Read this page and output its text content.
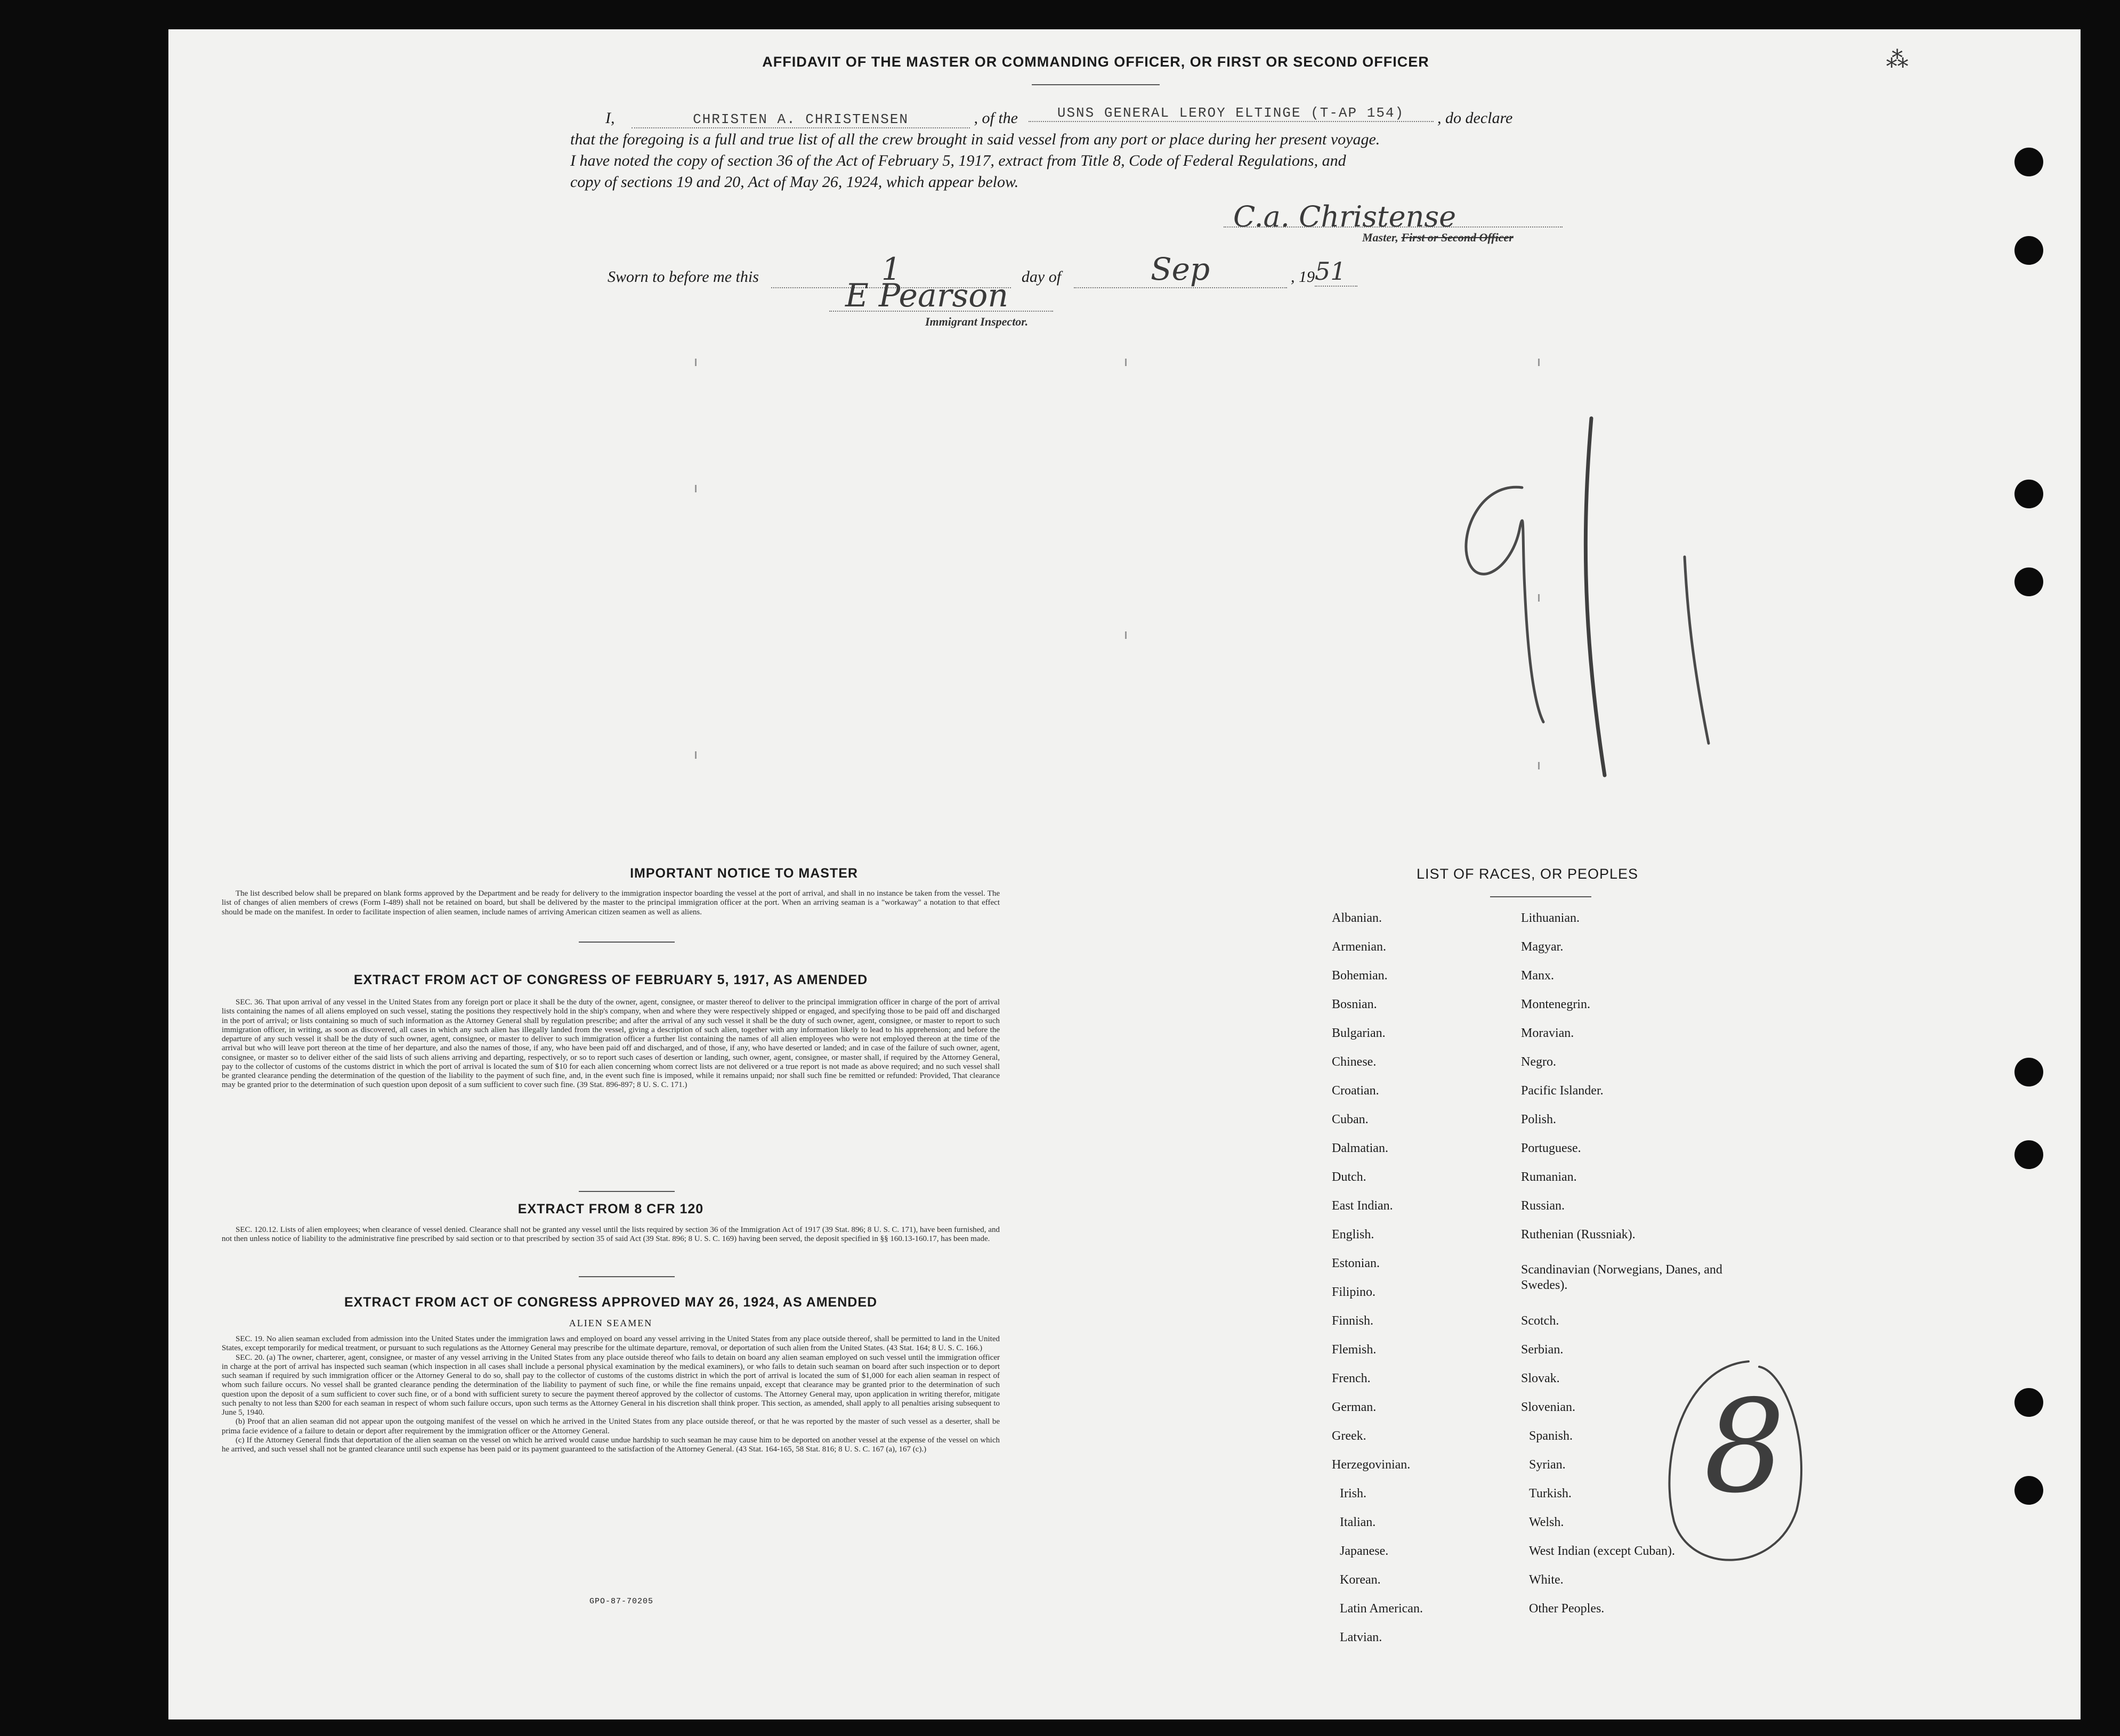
⁂
AFFIDAVIT OF THE MASTER OR COMMANDING OFFICER, OR FIRST OR SECOND OFFICER
I,	CHRISTEN A. CHRISTENSEN	, of the	USNS GENERAL LEROY ELTINGE (T-AP 154) , do declare
that the foregoing is a full and true list of all the crew brought in said vessel from any port or place during her present voyage.
I have noted the copy of section 36 of the Act of February 5, 1917, extract from Title 8, Code of Federal Regulations, and
copy of sections 19 and 20, Act of May 26, 1924, which appear below.
C.a. Christense
Master, First or Second Officer
Sworn to before me this	1	day of	Sep	, 1951
E Pearson
Immigrant Inspector.
IMPORTANT NOTICE TO MASTER

The list described below shall be prepared on blank forms approved by the Department and be ready for delivery to the immigration inspector boarding the vessel at the port of arrival, and shall in no instance be taken from the vessel. The list of changes of alien members of crews (Form I-489) shall not be retained on board, but shall be delivered by the master to the principal immigration officer at the port. When an arriving seaman is a "workaway" a notation to that effect should be made on the manifest. In order to facilitate inspection of alien seamen, include names of arriving American citizen seamen as well as aliens.

EXTRACT FROM ACT OF CONGRESS OF FEBRUARY 5, 1917, AS AMENDED

SEC. 36. That upon arrival of any vessel in the United States from any foreign port or place it shall be the duty of the owner, agent, consignee, or master thereof to deliver to the principal immigration officer in charge of the port of arrival lists containing the names of all aliens employed on such vessel, stating the positions they respectively hold in the ship's company, when and where they were respectively shipped or engaged, and specifying those to be paid off and discharged in the port of arrival; or lists containing so much of such information as the Attorney General shall by regulation prescribe; and after the arrival of any such vessel it shall be the duty of such owner, agent, consignee, or master to report to such immigration officer, in writing, as soon as discovered, all cases in which any such alien has illegally landed from the vessel, giving a description of such alien, together with any information likely to lead to his apprehension; and before the departure of any such vessel it shall be the duty of such owner, agent, consignee, or master to deliver to such immigration officer a further list containing the names of all alien employees who were not employed thereon at the time of the arrival but who will leave port thereon at the time of her departure, and also the names of those, if any, who have been paid off and discharged, and of those, if any, who have deserted or landed; and in case of the failure of such owner, agent, consignee, or master so to deliver either of the said lists of such aliens arriving and departing, respectively, or so to report such cases of desertion or landing, such owner, agent, consignee, or master shall, if required by the Attorney General, pay to the collector of customs of the customs district in which the port of arrival is located the sum of $10 for each alien concerning whom correct lists are not delivered or a true report is not made as above required; and no such vessel shall be granted clearance pending the determination of the question of the liability to the payment of such fine, and, in the event such fine is imposed, while it remains unpaid; nor shall such fine be remitted or refunded: Provided, That clearance may be granted prior to the determination of such question upon deposit of a sum sufficient to cover such fine. (39 Stat. 896-897; 8 U. S. C. 171.)

EXTRACT FROM 8 CFR 120

SEC. 120.12. Lists of alien employees; when clearance of vessel denied. Clearance shall not be granted any vessel until the lists required by section 36 of the Immigration Act of 1917 (39 Stat. 896; 8 U. S. C. 171), have been furnished, and not then unless notice of liability to the administrative fine prescribed by said section or to that prescribed by section 35 of said Act (39 Stat. 896; 8 U. S. C. 169) having been served, the deposit specified in §§ 160.13-160.17, has been made.

EXTRACT FROM ACT OF CONGRESS APPROVED MAY 26, 1924, AS AMENDED
ALIEN SEAMEN

SEC. 19. No alien seaman excluded from admission into the United States under the immigration laws and employed on board any vessel arriving in the United States from any place outside thereof, shall be permitted to land in the United States, except temporarily for medical treatment, or pursuant to such regulations as the Attorney General may prescribe for the ultimate departure, removal, or deportation of such alien from the United States. (43 Stat. 164; 8 U. S. C. 166.)

SEC. 20. (a) The owner, charterer, agent, consignee, or master of any vessel arriving in the United States from any place outside thereof who fails to detain on board any alien seaman employed on such vessel until the immigration officer in charge at the port of arrival has inspected such seaman (which inspection in all cases shall include a personal physical examination by the medical examiners), or who fails to detain such seaman on board after such inspection or to deport such seaman if required by such immigration officer or the Attorney General to do so, shall pay to the collector of customs of the customs district in which the port of arrival is located the sum of $1,000 for each alien seaman in respect of whom such failure occurs. No vessel shall be granted clearance pending the determination of the liability to payment of such fine, or while the fine remains unpaid, except that clearance may be granted prior to the determination of such question upon the deposit of a sum sufficient to cover such fine, or of a bond with sufficient surety to secure the payment thereof approved by the collector of customs. The Attorney General may, upon application in writing therefor, mitigate such penalty to not less than $200 for each seaman in respect of whom such failure occurs, upon such terms as the Attorney General in his discretion shall think proper. This section, as amended, shall apply to all penalties arising subsequent to June 5, 1940.

(b) Proof that an alien seaman did not appear upon the outgoing manifest of the vessel on which he arrived in the United States from any place outside thereof, or that he was reported by the master of such vessel as a deserter, shall be prima facie evidence of a failure to detain or deport after requirement by the immigration officer or the Attorney General.

(c) If the Attorney General finds that deportation of the alien seaman on the vessel on which he arrived would cause undue hardship to such seaman he may cause him to be deported on another vessel at the expense of the vessel on which he arrived, and such vessel shall not be granted clearance until such expense has been paid or its payment guaranteed to the satisfaction of the Attorney General. (43 Stat. 164-165, 58 Stat. 816; 8 U. S. C. 167 (a), 167 (c).)

GPO-87-70205
LIST OF RACES, OR PEOPLES
Albanian.
Armenian.
Bohemian.
Bosnian.
Bulgarian.
Chinese.
Croatian.
Cuban.
Dalmatian.
Dutch.
East Indian.
English.
Estonian.
Filipino.
Finnish.
Flemish.
French.
German.
Greek.
Herzegovinian.
Irish.
Italian.
Japanese.
Korean.
Latin American.
Latvian.
Lithuanian.
Magyar.
Manx.
Montenegrin.
Moravian.
Negro.
Pacific Islander.
Polish.
Portuguese.
Rumanian.
Russian.
Ruthenian (Russniak).
Scandinavian (Norwegians, Danes, and Swedes).
Scotch.
Serbian.
Slovak.
Slovenian.
Spanish.
Syrian.
Turkish.
Welsh.
West Indian (except Cuban).
White.
Other Peoples.
8
